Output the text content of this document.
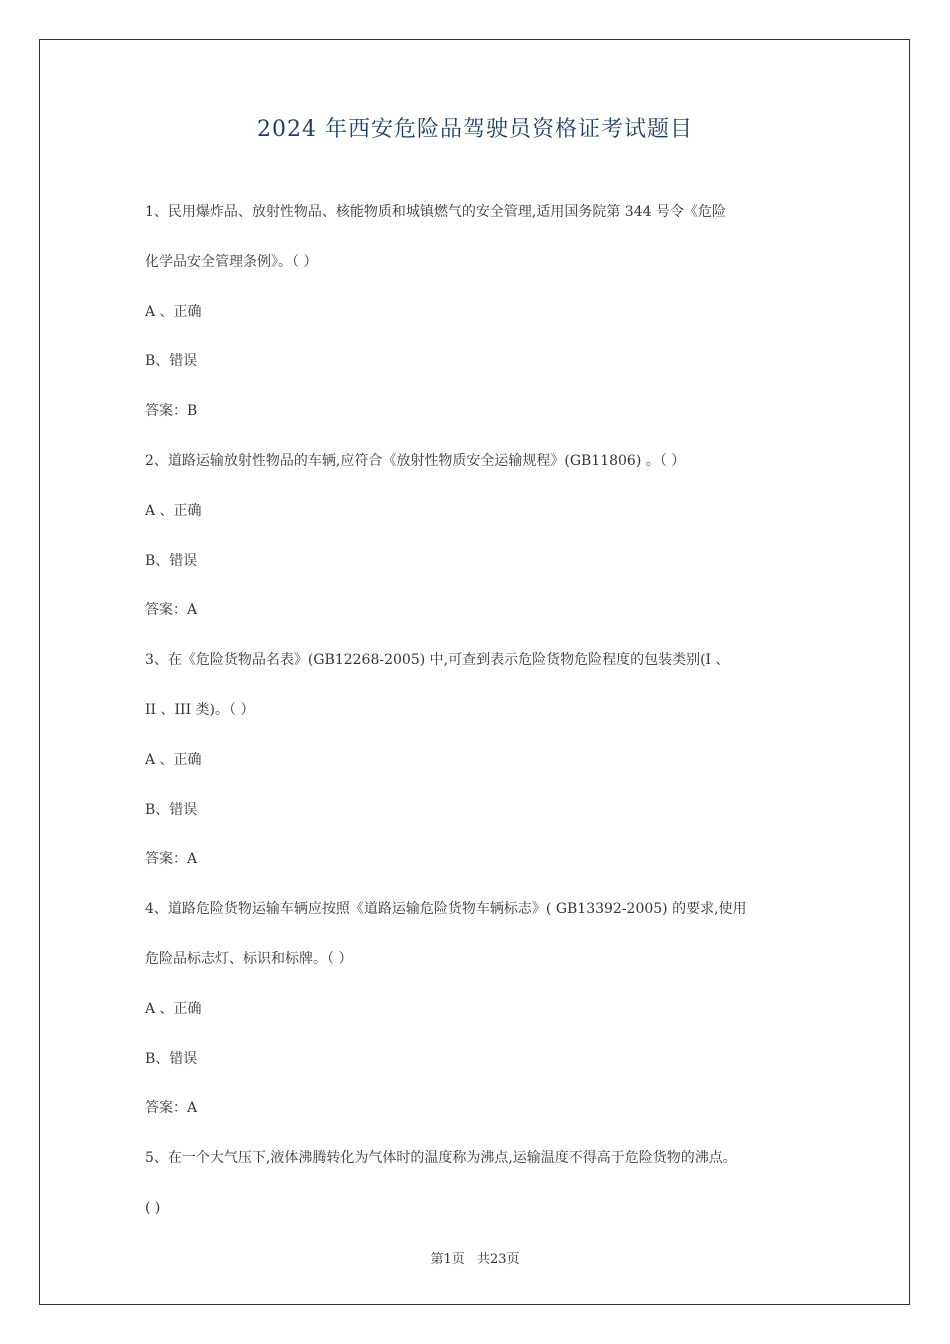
2024 年西安危险品驾驶员资格证考试题目
1、民用爆炸品、放射性物品、核能物质和城镇燃气的安全管理,适用国务院第 344 号令《危险
化学品安全管理条例》。（ ）
A 、正确
B、错误
答案：B
2、道路运输放射性物品的车辆,应符合《放射性物质安全运输规程》(GB11806) 。（ ）
A 、正确
B、错误
答案：A
3、在《危险货物品名表》(GB12268-2005) 中,可查到表示危险货物危险程度的包装类别(I 、
II 、III 类)。（ ）
A 、正确
B、错误
答案：A
4、道路危险货物运输车辆应按照《道路运输危险货物车辆标志》( GB13392-2005) 的要求,使用
危险品标志灯、标识和标牌。（ ）
A 、正确
B、错误
答案：A
5、在一个大气压下,液体沸腾转化为气体时的温度称为沸点,运输温度不得高于危险货物的沸点。
( )
第1页 共23页
